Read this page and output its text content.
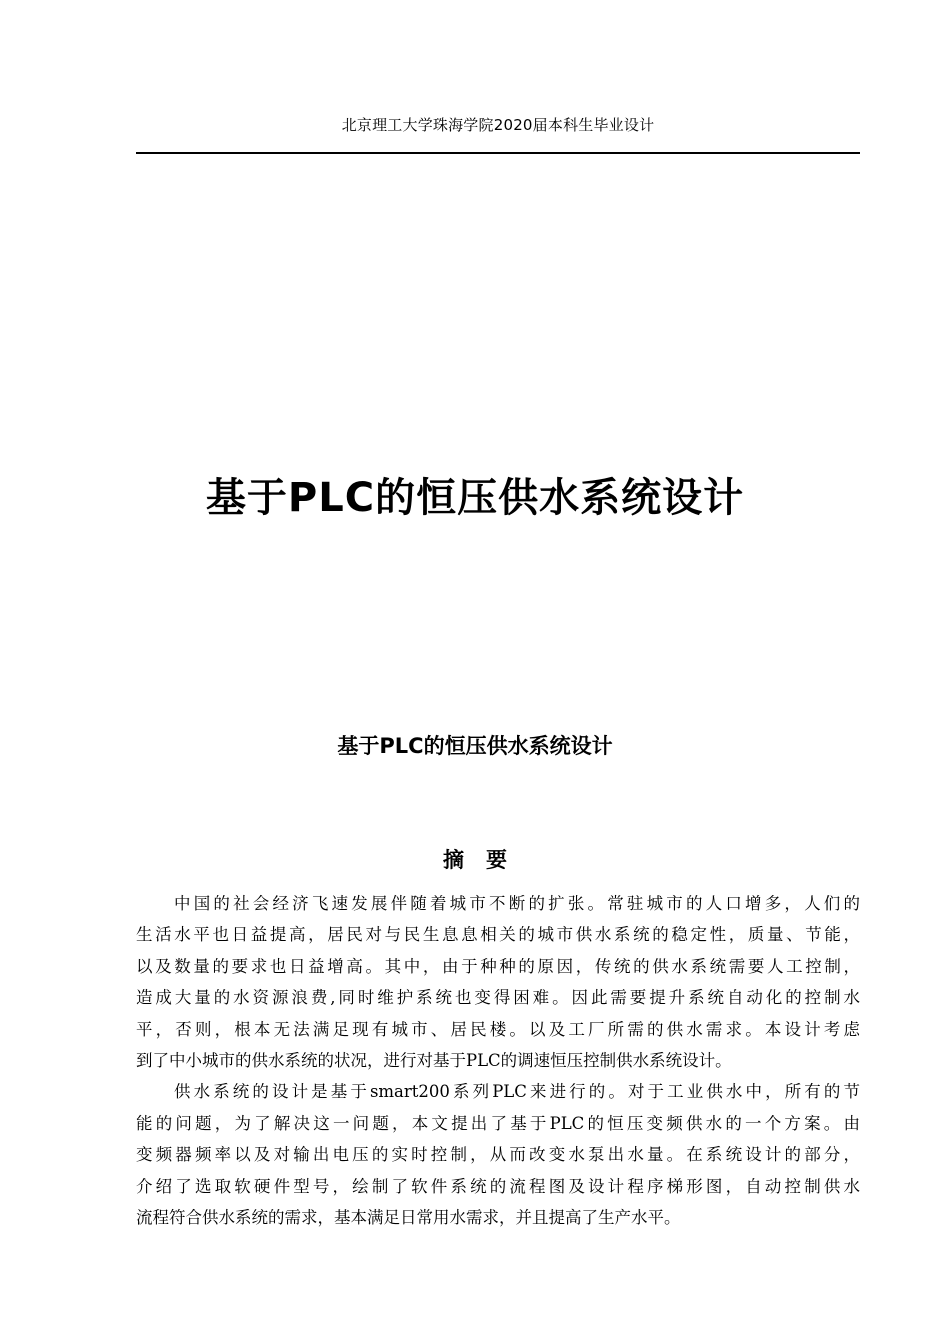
北京理工大学珠海学院2020届本科生毕业设计
基于PLC的恒压供水系统设计
基于PLC的恒压供水系统设计
摘要
中国的社会经济飞速发展伴随着城市不断的扩张。常驻城市的人口增多，人们的
生活水平也日益提高，居民对与民生息息相关的城市供水系统的稳定性，质量、节能，
以及数量的要求也日益增高。其中，由于种种的原因，传统的供水系统需要人工控制，
造成大量的水资源浪费,同时维护系统也变得困难。因此需要提升系统自动化的控制水
平，否则，根本无法满足现有城市、居民楼。以及工厂所需的供水需求。本设计考虑
到了中小城市的供水系统的状况，进行对基于PLC的调速恒压控制供水系统设计。
供水系统的设计是基于smart200系列PLC来进行的。对于工业供水中，所有的节
能的问题，为了解决这一问题，本文提出了基于PLC的恒压变频供水的一个方案。由
变频器频率以及对输出电压的实时控制，从而改变水泵出水量。在系统设计的部分，
介绍了选取软硬件型号，绘制了软件系统的流程图及设计程序梯形图，自动控制供水
流程符合供水系统的需求，基本满足日常用水需求，并且提高了生产水平。
